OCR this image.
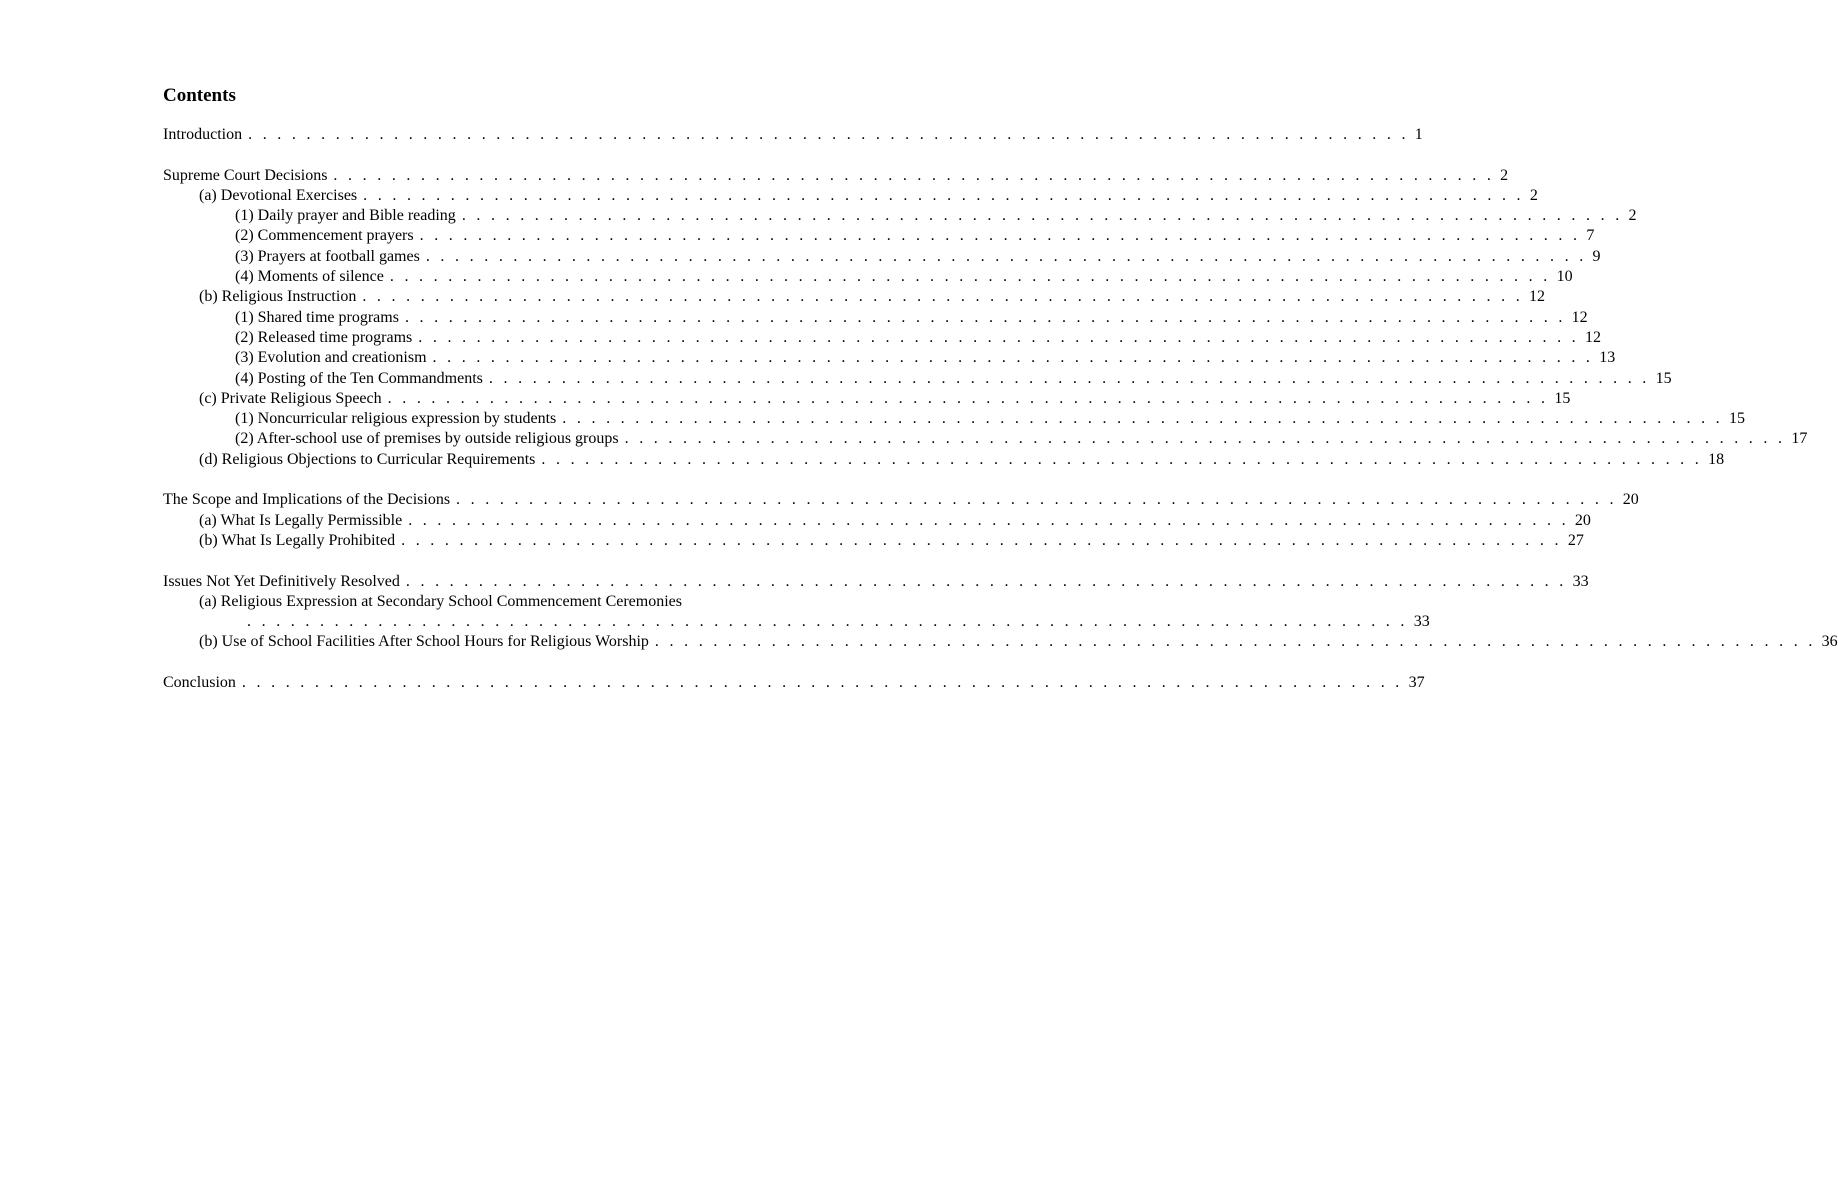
Contents
Introduction . . . . . . . . . . . . . . . . . . . . . . . . . . . . . . . . . . . . . . . . . . . . . . . . . . . . . . . . . . . . . . . . . . . . . . . . . . . . . . . . 1
Supreme Court Decisions . . . . . . . . . . . . . . . . . . . . . . . . . . . . . . . . . . . . . . . . . . . . . . . . . . . . . . . . . . . . . . . . . . . . . . . . . . . . . . . . 2
(a) Devotional Exercises . . . . . . . . . . . . . . . . . . . . . . . . . . . . . . . . . . . . . . . . . . . . . . . . . . . . . . . . . . . . . . . . . . . . . . . . . . . . . . . . 2
(1) Daily prayer and Bible reading . . . . . . . . . . . . . . . . . . . . . . . . . . . . . . . . . . . . . . . . . . . . . . . . . . . . . . . . . . . . . . . . . . . . . . . . . . . . . . . . 2
(2) Commencement prayers . . . . . . . . . . . . . . . . . . . . . . . . . . . . . . . . . . . . . . . . . . . . . . . . . . . . . . . . . . . . . . . . . . . . . . . . . . . . . . . . 7
(3) Prayers at football games . . . . . . . . . . . . . . . . . . . . . . . . . . . . . . . . . . . . . . . . . . . . . . . . . . . . . . . . . . . . . . . . . . . . . . . . . . . . . . . . 9
(4) Moments of silence . . . . . . . . . . . . . . . . . . . . . . . . . . . . . . . . . . . . . . . . . . . . . . . . . . . . . . . . . . . . . . . . . . . . . . . . . . . . . . . . 10
(b) Religious Instruction . . . . . . . . . . . . . . . . . . . . . . . . . . . . . . . . . . . . . . . . . . . . . . . . . . . . . . . . . . . . . . . . . . . . . . . . . . . . . . . . 12
(1) Shared time programs . . . . . . . . . . . . . . . . . . . . . . . . . . . . . . . . . . . . . . . . . . . . . . . . . . . . . . . . . . . . . . . . . . . . . . . . . . . . . . . . 12
(2) Released time programs . . . . . . . . . . . . . . . . . . . . . . . . . . . . . . . . . . . . . . . . . . . . . . . . . . . . . . . . . . . . . . . . . . . . . . . . . . . . . . . . 12
(3) Evolution and creationism . . . . . . . . . . . . . . . . . . . . . . . . . . . . . . . . . . . . . . . . . . . . . . . . . . . . . . . . . . . . . . . . . . . . . . . . . . . . . . . . 13
(4) Posting of the Ten Commandments . . . . . . . . . . . . . . . . . . . . . . . . . . . . . . . . . . . . . . . . . . . . . . . . . . . . . . . . . . . . . . . . . . . . . . . . . . . . . . . . 15
(c) Private Religious Speech . . . . . . . . . . . . . . . . . . . . . . . . . . . . . . . . . . . . . . . . . . . . . . . . . . . . . . . . . . . . . . . . . . . . . . . . . . . . . . . . 15
(1) Noncurricular religious expression by students . . . . . . . . . . . . . . . . . . . . . . . . . . . . . . . . . . . . . . . . . . . . . . . . . . . . . . . . . . . . . . . . . . . . . . . . . . . . . . . . 15
(2) After-school use of premises by outside religious groups . . . . . . . . . . . . . . . . . . . . . . . . . . . . . . . . . . . . . . . . . . . . . . . . . . . . . . . . . . . . . . . . . . . . . . . . . . . . . . . . 17
(d) Religious Objections to Curricular Requirements . . . . . . . . . . . . . . . . . . . . . . . . . . . . . . . . . . . . . . . . . . . . . . . . . . . . . . . . . . . . . . . . . . . . . . . . . . . . . . . . 18
The Scope and Implications of the Decisions . . . . . . . . . . . . . . . . . . . . . . . . . . . . . . . . . . . . . . . . . . . . . . . . . . . . . . . . . . . . . . . . . . . . . . . . . . . . . . . . 20
(a) What Is Legally Permissible . . . . . . . . . . . . . . . . . . . . . . . . . . . . . . . . . . . . . . . . . . . . . . . . . . . . . . . . . . . . . . . . . . . . . . . . . . . . . . . . 20
(b) What Is Legally Prohibited . . . . . . . . . . . . . . . . . . . . . . . . . . . . . . . . . . . . . . . . . . . . . . . . . . . . . . . . . . . . . . . . . . . . . . . . . . . . . . . . 27
Issues Not Yet Definitively Resolved . . . . . . . . . . . . . . . . . . . . . . . . . . . . . . . . . . . . . . . . . . . . . . . . . . . . . . . . . . . . . . . . . . . . . . . . . . . . . . . . 33
(a) Religious Expression at Secondary School Commencement Ceremonies
. . . . . . . . . . . . . . . . . . . . . . . . . . . . . . . . . . . . . . . . . . . . . . . . . . . . . . . . . . . . . . . . . . . . . . . . . . . . . . . . 33
(b) Use of School Facilities After School Hours for Religious Worship . . . . . . . . . . . . . . . . . . . . . . . . . . . . . . . . . . . . . . . . . . . . . . . . . . . . . . . . . . . . . . . . . . . . . . . . . . . . . . . . 36
Conclusion . . . . . . . . . . . . . . . . . . . . . . . . . . . . . . . . . . . . . . . . . . . . . . . . . . . . . . . . . . . . . . . . . . . . . . . . . . . . . . . . 37
